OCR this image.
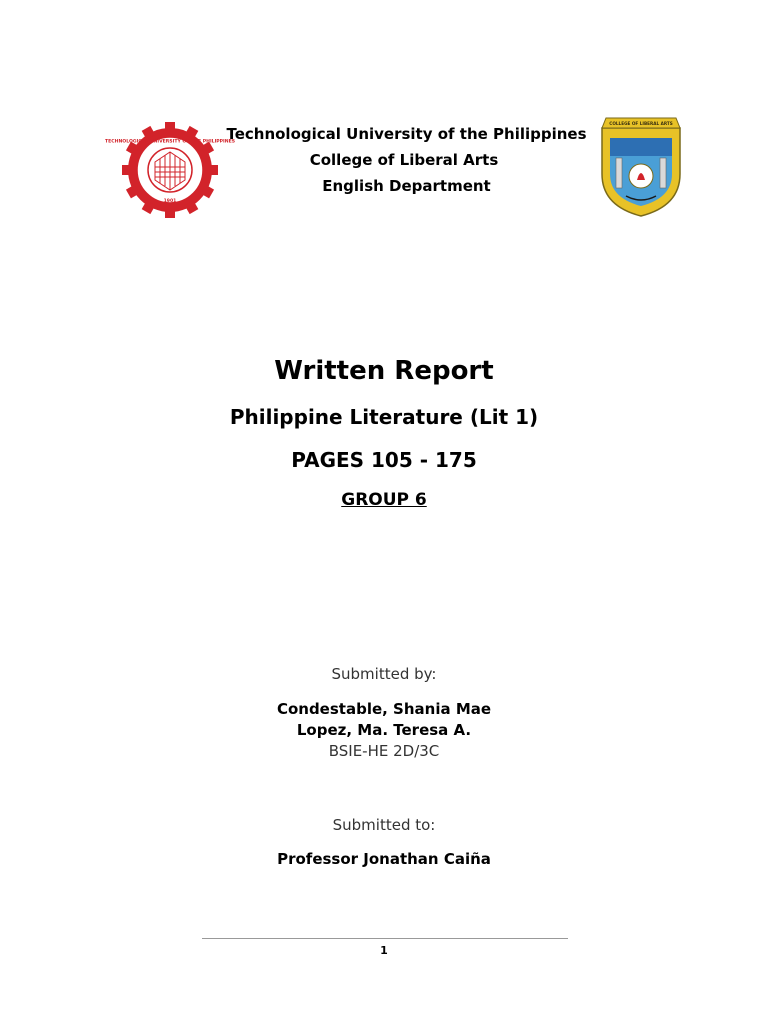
TECHNOLOGICAL UNIVERSITY OF THE PHILIPPINES
1901
COLLEGE OF LIBERAL ARTS
Technological University of the Philippines
College of Liberal Arts
English Department
Written Report
Philippine Literature (Lit 1)
PAGES 105 - 175
GROUP 6
Submitted by:
Condestable, Shania Mae
Lopez, Ma. Teresa A.
BSIE-HE 2D/3C
Submitted to:
Professor Jonathan Caiña
1
